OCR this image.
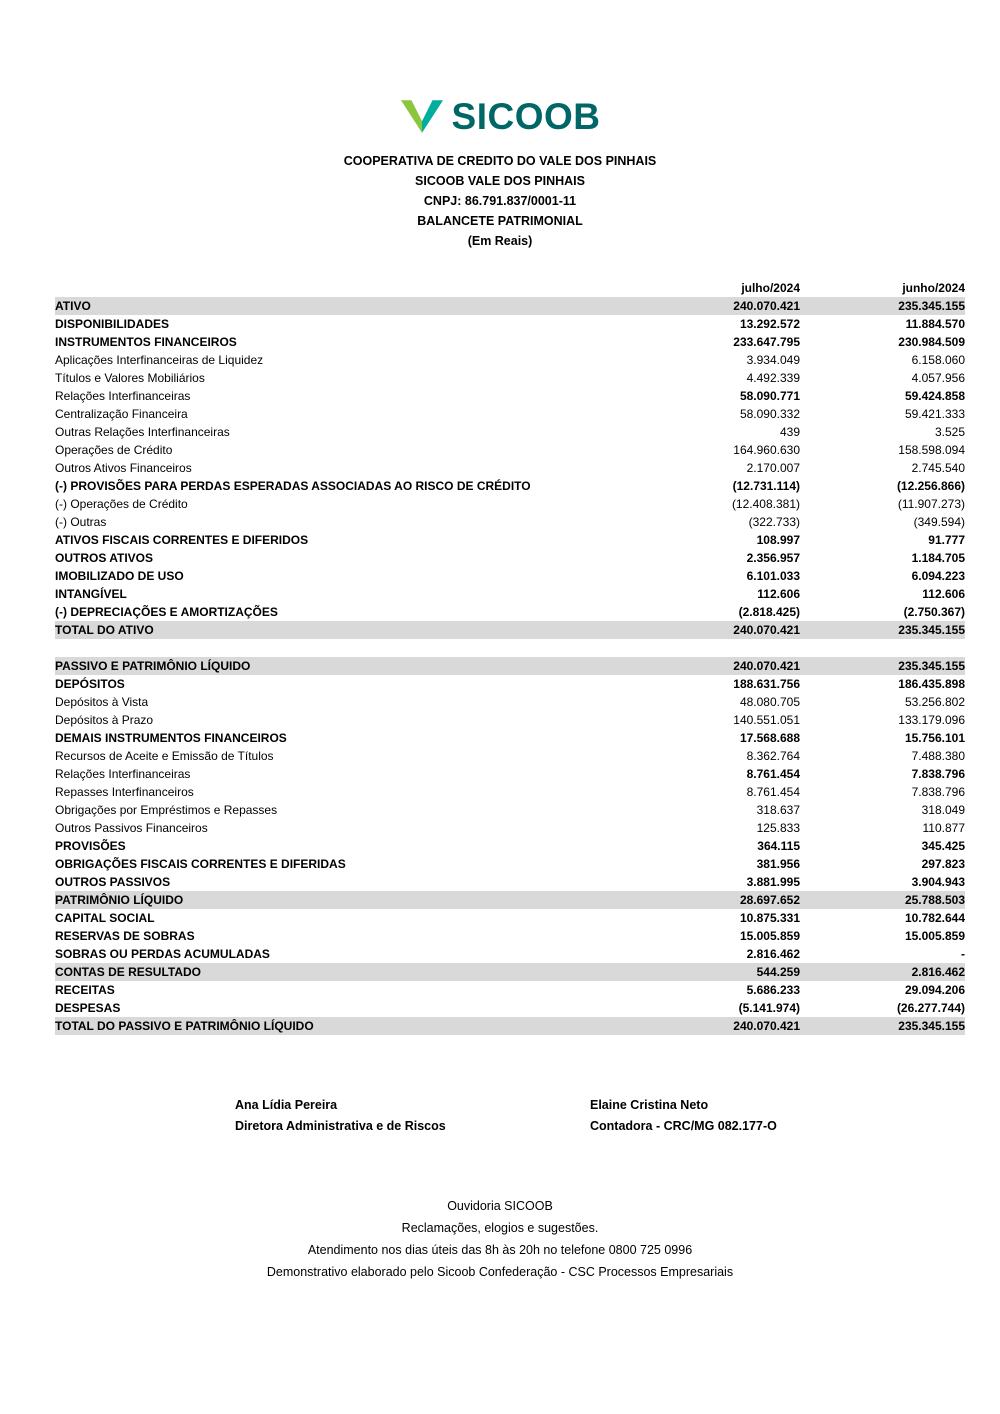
SICOOB
COOPERATIVA DE CREDITO DO VALE DOS PINHAIS
SICOOB VALE DOS PINHAIS
CNPJ: 86.791.837/0001-11
BALANCETE PATRIMONIAL
(Em Reais)
	julho/2024	junho/2024
ATIVO	240.070.421	235.345.155
DISPONIBILIDADES	13.292.572	11.884.570
INSTRUMENTOS FINANCEIROS	233.647.795	230.984.509
Aplicações Interfinanceiras de Liquidez	3.934.049	6.158.060
Títulos e Valores Mobiliários	4.492.339	4.057.956
Relações Interfinanceiras	58.090.771	59.424.858
Centralização Financeira	58.090.332	59.421.333
Outras Relações Interfinanceiras	439	3.525
Operações de Crédito	164.960.630	158.598.094
Outros Ativos Financeiros	2.170.007	2.745.540
(-) PROVISÕES PARA PERDAS ESPERADAS ASSOCIADAS AO RISCO DE CRÉDITO	(12.731.114)	(12.256.866)
(-) Operações de Crédito	(12.408.381)	(11.907.273)
(-) Outras	(322.733)	(349.594)
ATIVOS FISCAIS CORRENTES E DIFERIDOS	108.997	91.777
OUTROS ATIVOS	2.356.957	1.184.705
IMOBILIZADO DE USO	6.101.033	6.094.223
INTANGÍVEL	112.606	112.606
(-) DEPRECIAÇÕES E AMORTIZAÇÕES	(2.818.425)	(2.750.367)
TOTAL DO ATIVO	240.070.421	235.345.155

PASSIVO E PATRIMÔNIO LÍQUIDO	240.070.421	235.345.155
DEPÓSITOS	188.631.756	186.435.898
Depósitos à Vista	48.080.705	53.256.802
Depósitos à Prazo	140.551.051	133.179.096
DEMAIS INSTRUMENTOS FINANCEIROS	17.568.688	15.756.101
Recursos de Aceite e Emissão de Títulos	8.362.764	7.488.380
Relações Interfinanceiras	8.761.454	7.838.796
Repasses Interfinanceiros	8.761.454	7.838.796
Obrigações por Empréstimos e Repasses	318.637	318.049
Outros Passivos Financeiros	125.833	110.877
PROVISÕES	364.115	345.425
OBRIGAÇÕES FISCAIS CORRENTES E DIFERIDAS	381.956	297.823
OUTROS PASSIVOS	3.881.995	3.904.943
PATRIMÔNIO LÍQUIDO	28.697.652	25.788.503
CAPITAL SOCIAL	10.875.331	10.782.644
RESERVAS DE SOBRAS	15.005.859	15.005.859
SOBRAS OU PERDAS ACUMULADAS	2.816.462	-
CONTAS DE RESULTADO	544.259	2.816.462
RECEITAS	5.686.233	29.094.206
DESPESAS	(5.141.974)	(26.277.744)
TOTAL DO PASSIVO E PATRIMÔNIO LÍQUIDO	240.070.421	235.345.155
Ana Lídia Pereira
Diretora Administrativa e de Riscos
Elaine Cristina Neto
Contadora - CRC/MG 082.177-O
Ouvidoria SICOOB
Reclamações, elogios e sugestões.
Atendimento nos dias úteis das 8h às 20h no telefone 0800 725 0996
Demonstrativo elaborado pelo Sicoob Confederação - CSC Processos Empresariais
